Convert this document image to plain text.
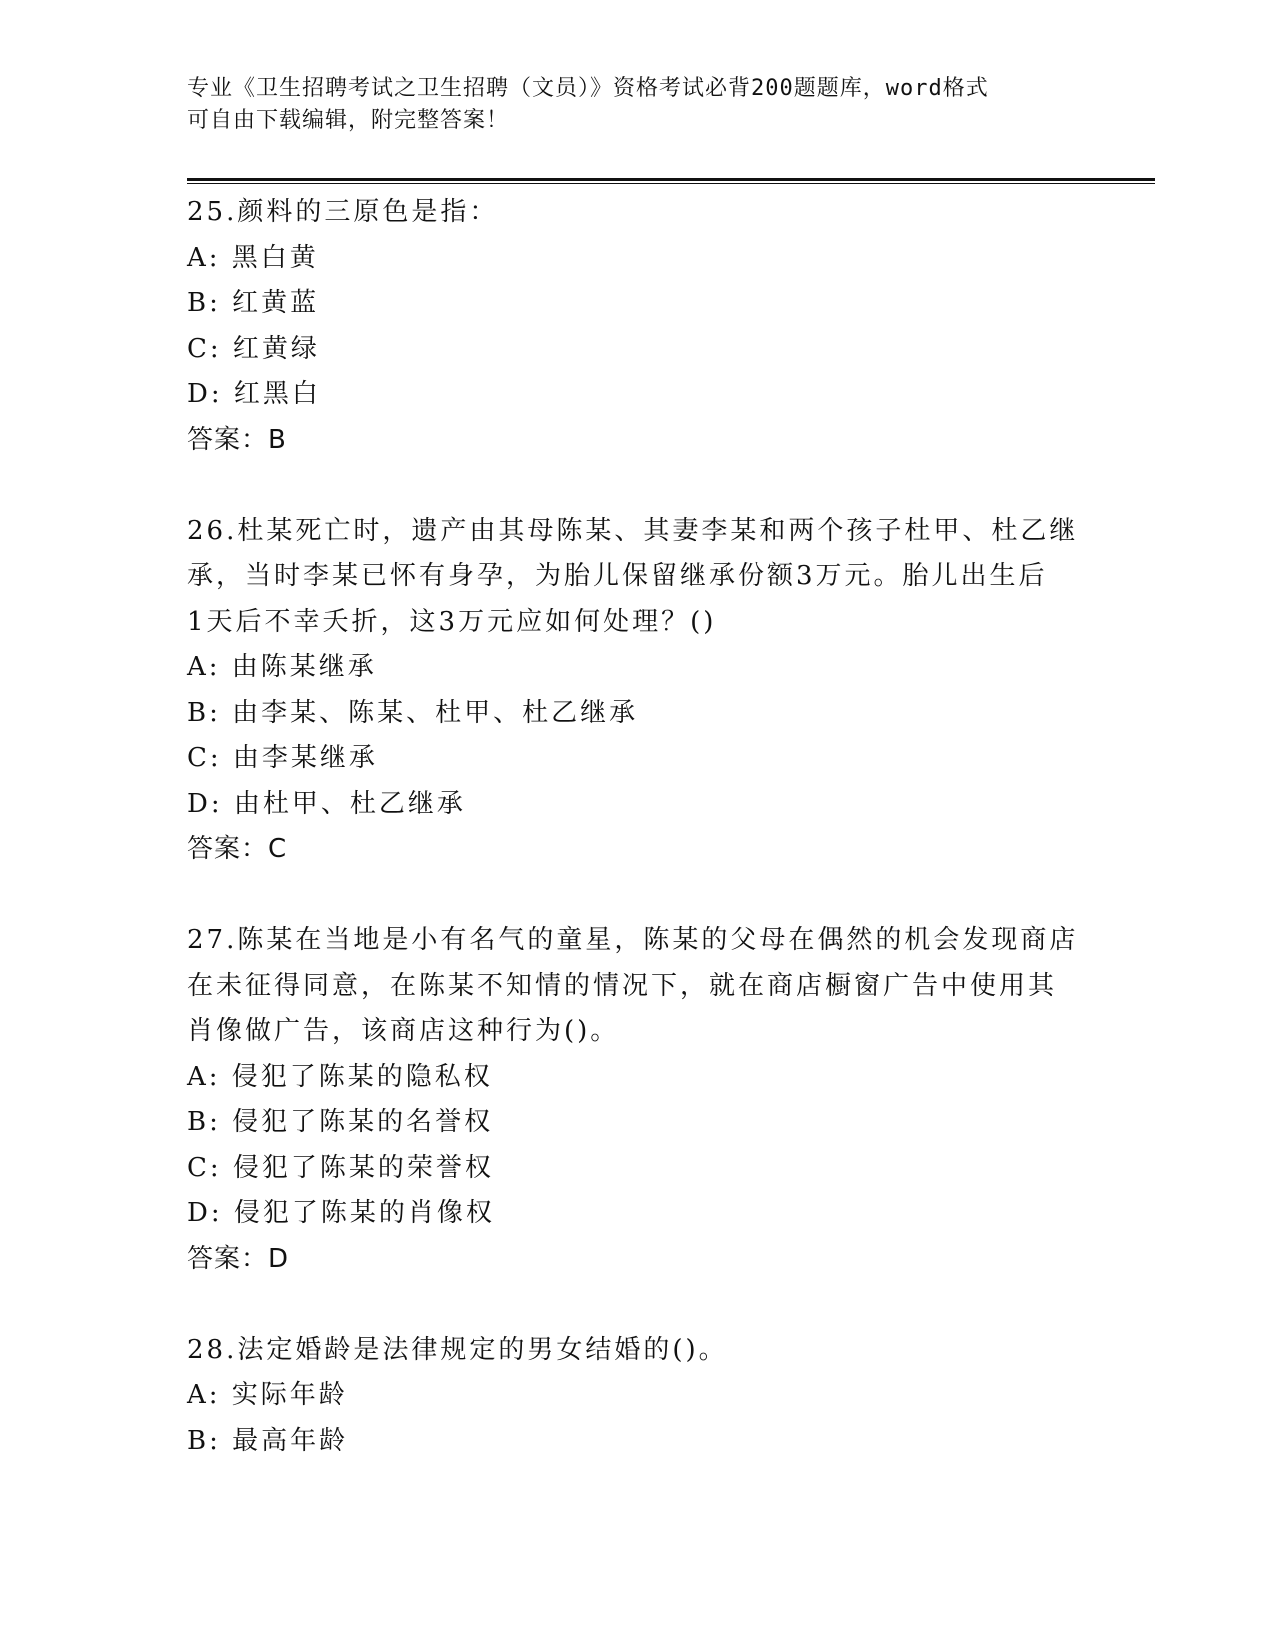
专业《卫生招聘考试之卫生招聘（文员）》资格考试必背200题题库，word格式
可自由下载编辑，附完整答案！
25.颜料的三原色是指：
A: 黑白黄
B: 红黄蓝
C: 红黄绿
D: 红黑白
答案：B
26.杜某死亡时，遗产由其母陈某、其妻李某和两个孩子杜甲、杜乙继
承，当时李某已怀有身孕，为胎儿保留继承份额3万元。胎儿出生后
1天后不幸夭折，这3万元应如何处理？()
A: 由陈某继承
B: 由李某、陈某、杜甲、杜乙继承
C: 由李某继承
D: 由杜甲、杜乙继承
答案：C
27.陈某在当地是小有名气的童星，陈某的父母在偶然的机会发现商店
在未征得同意，在陈某不知情的情况下，就在商店橱窗广告中使用其
肖像做广告，该商店这种行为()。
A: 侵犯了陈某的隐私权
B: 侵犯了陈某的名誉权
C: 侵犯了陈某的荣誉权
D: 侵犯了陈某的肖像权
答案：D
28.法定婚龄是法律规定的男女结婚的()。
A: 实际年龄
B: 最高年龄
